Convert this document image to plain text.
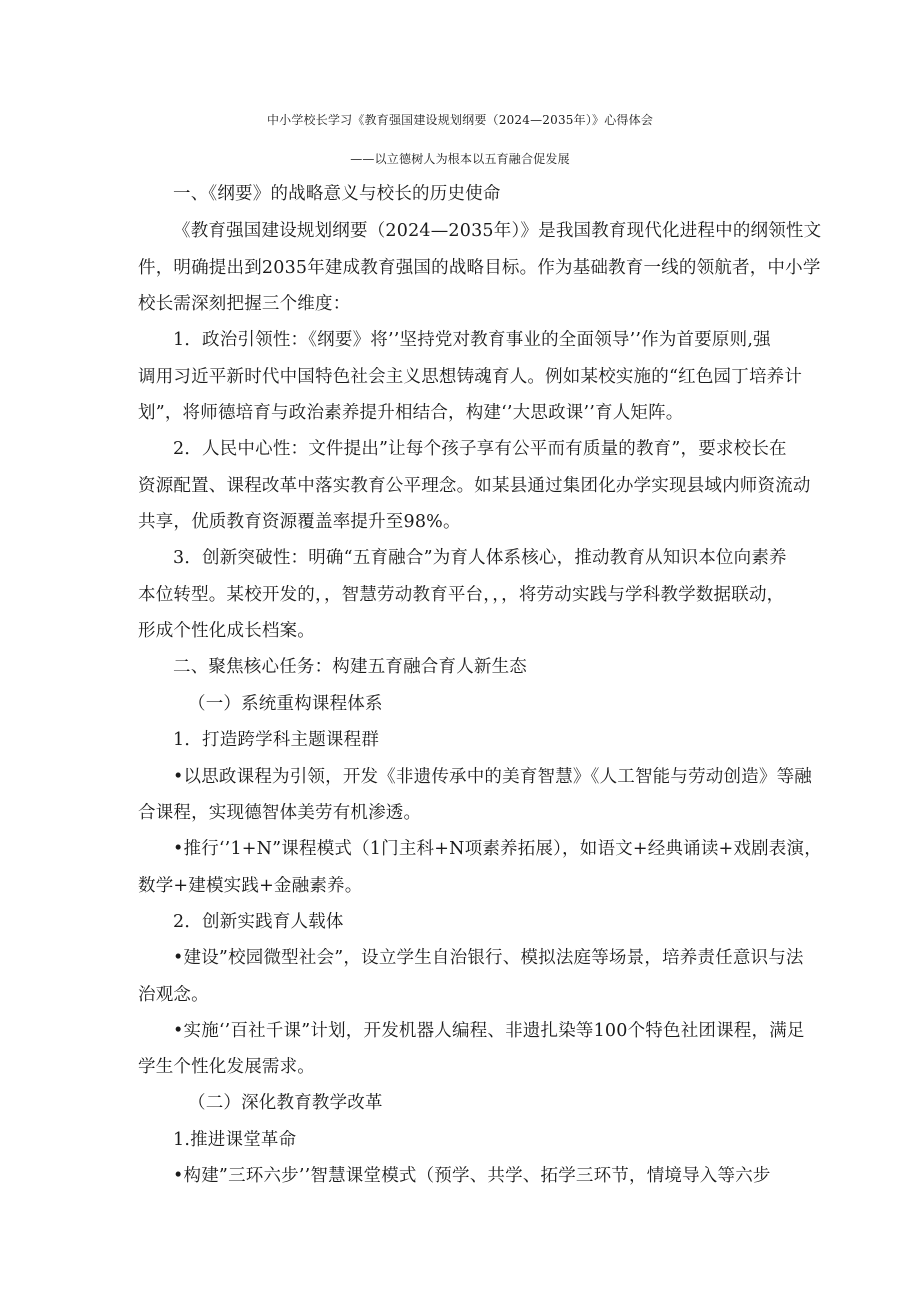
中小学校长学习《教育强国建设规划纲要（2024—2035年）》心得体会
——以立德树人为根本以五育融合促发展
一、《纲要》的战略意义与校长的历史使命
《教育强国建设规划纲要（2024—2035年）》是我国教育现代化进程中的纲领性文
件，明确提出到2035年建成教育强国的战略目标。作为基础教育一线的领航者，中小学
校长需深刻把握三个维度：
1．政治引领性：《纲要》将’’坚持党对教育事业的全面领导’’作为首要原则,强
调用习近平新时代中国特色社会主义思想铸魂育人。例如某校实施的“红色园丁培养计
划”，将师德培育与政治素养提升相结合，构建‘’大思政课’’育人矩阵。
2．人民中心性：文件提出”让每个孩子享有公平而有质量的教育”，要求校长在
资源配置、课程改革中落实教育公平理念。如某县通过集团化办学实现县域内师资流动
共享，优质教育资源覆盖率提升至98%。
3．创新突破性：明确“五育融合”为育人体系核心，推动教育从知识本位向素养
本位转型。某校开发的，，智慧劳动教育平台，，，将劳动实践与学科教学数据联动，
形成个性化成长档案。
二、聚焦核心任务：构建五育融合育人新生态
（一）系统重构课程体系
1．打造跨学科主题课程群
•以思政课程为引领，开发《非遗传承中的美育智慧》《人工智能与劳动创造》等融
合课程，实现德智体美劳有机渗透。
•推行‘’1+N”课程模式（1门主科+N项素养拓展），如语文+经典诵读+戏剧表演，
数学+建模实践+金融素养。
2．创新实践育人载体
•建设”校园微型社会”，设立学生自治银行、模拟法庭等场景，培养责任意识与法
治观念。
•实施‘’百社千课”计划，开发机器人编程、非遗扎染等100个特色社团课程，满足
学生个性化发展需求。
（二）深化教育教学改革
1.推进课堂革命
•构建”三环六步’’智慧课堂模式（预学、共学、拓学三环节，情境导入等六步
